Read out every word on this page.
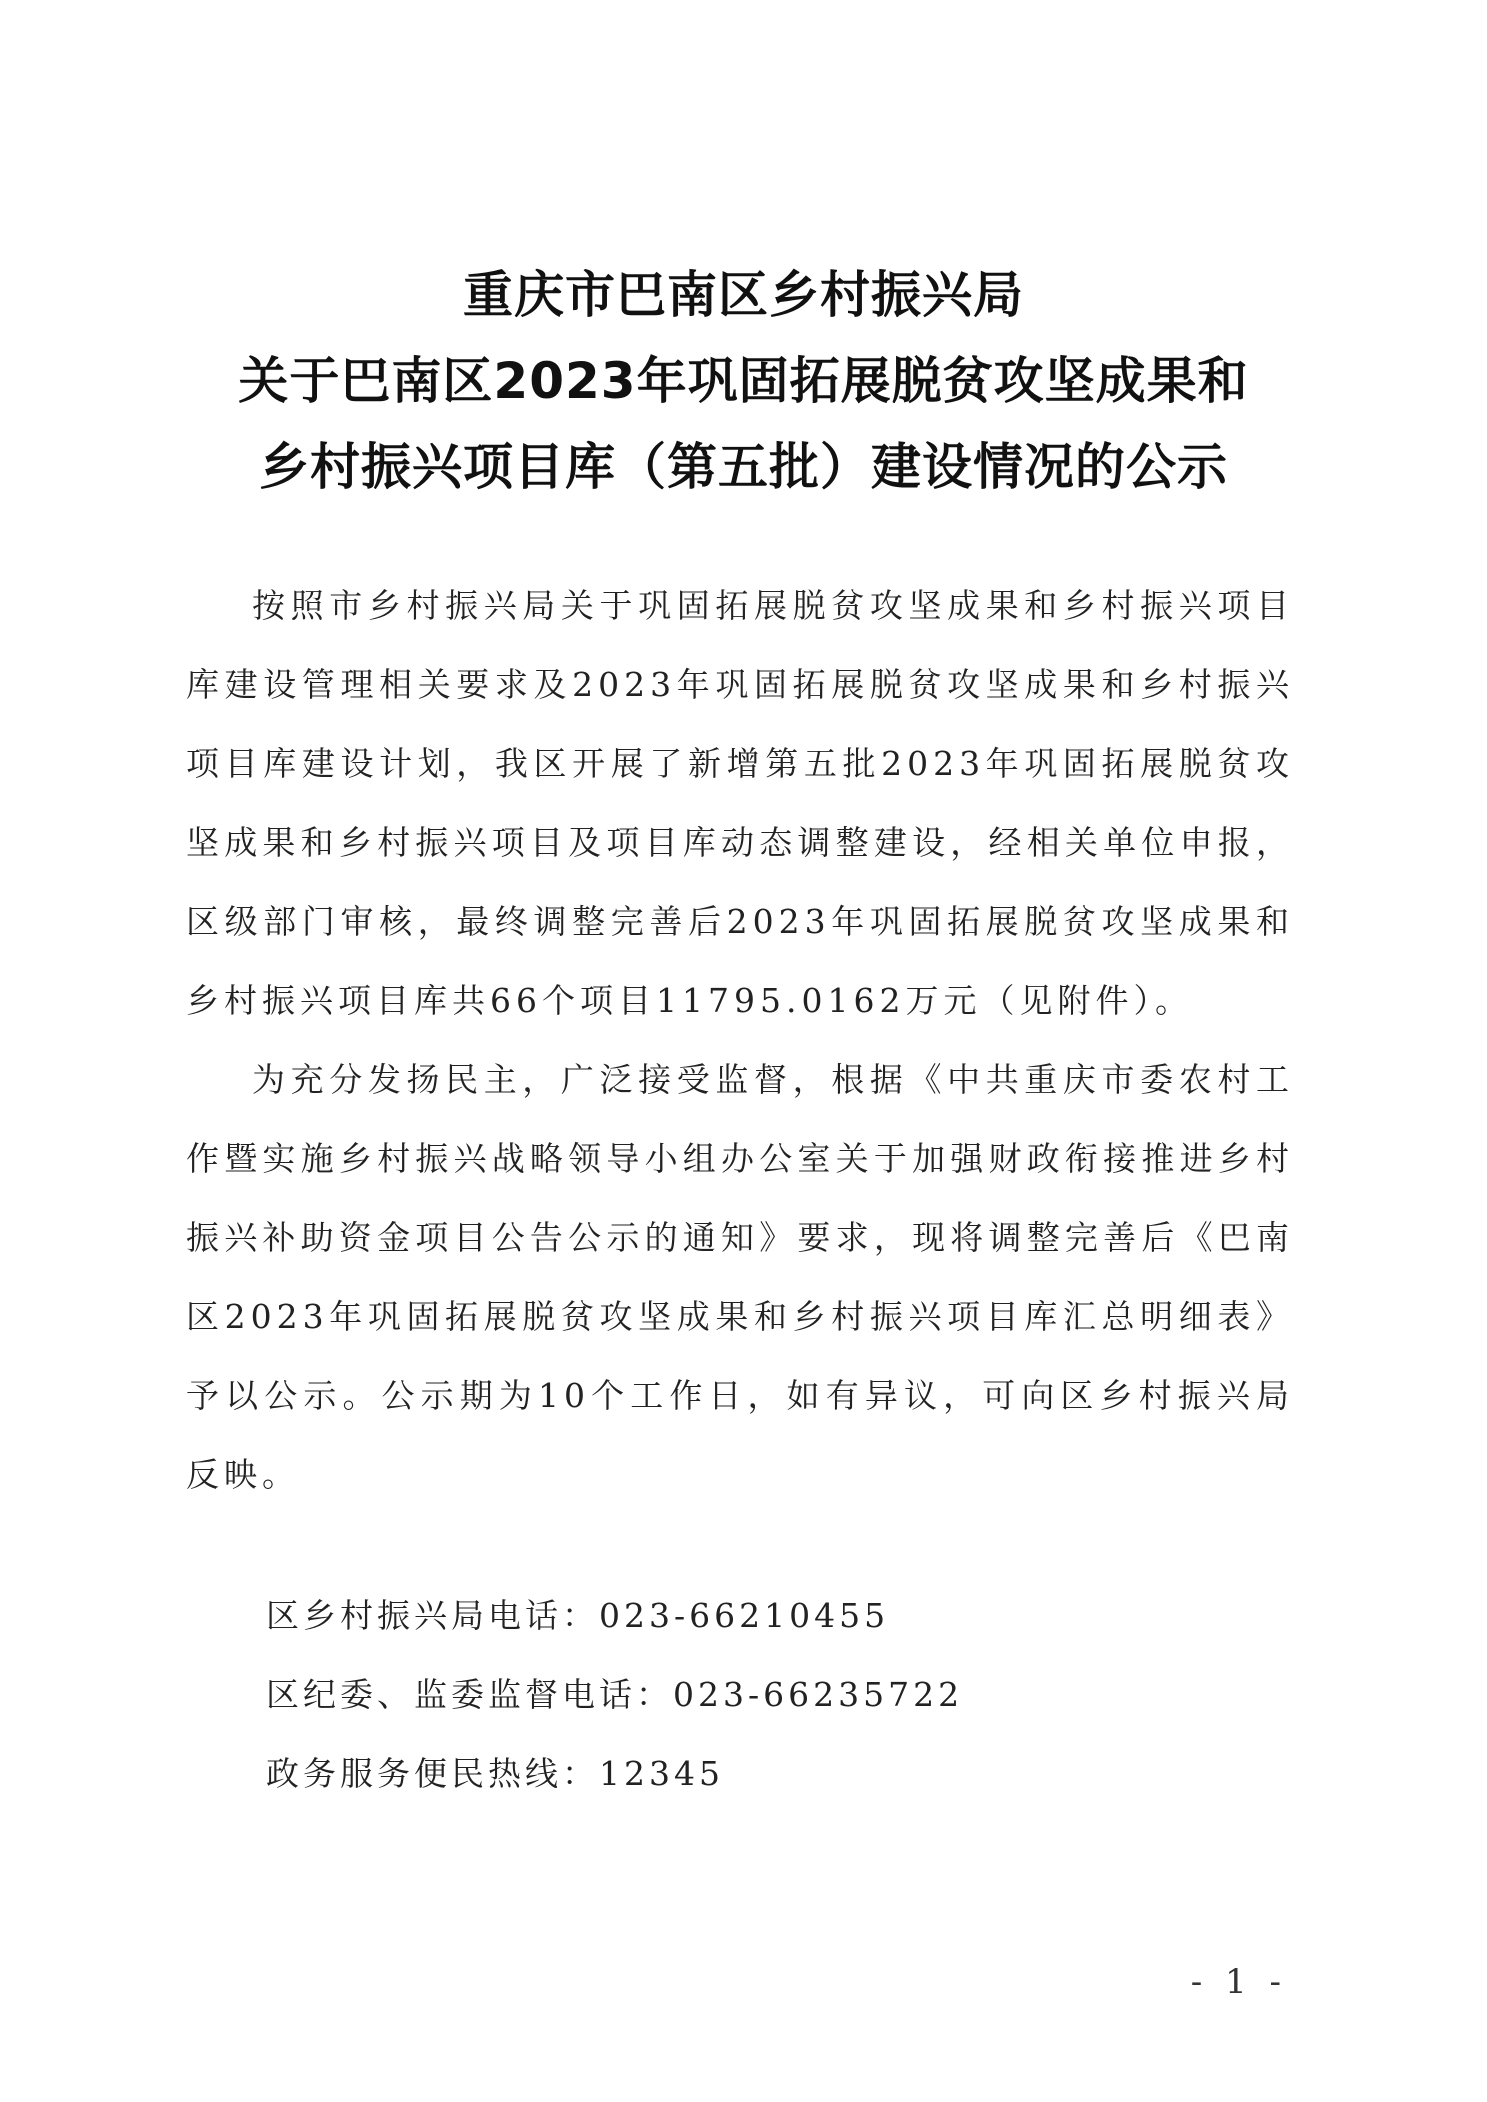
重庆市巴南区乡村振兴局
关于巴南区2023年巩固拓展脱贫攻坚成果和
乡村振兴项目库（第五批）建设情况的公示

按照市乡村振兴局关于巩固拓展脱贫攻坚成果和乡村振兴项目库建设管理相关要求及2023年巩固拓展脱贫攻坚成果和乡村振兴项目库建设计划，我区开展了新增第五批2023年巩固拓展脱贫攻坚成果和乡村振兴项目及项目库动态调整建设，经相关单位申报，区级部门审核，最终调整完善后2023年巩固拓展脱贫攻坚成果和乡村振兴项目库共66个项目11795.0162万元（见附件）。

为充分发扬民主，广泛接受监督，根据《中共重庆市委农村工作暨实施乡村振兴战略领导小组办公室关于加强财政衔接推进乡村振兴补助资金项目公告公示的通知》要求，现将调整完善后《巴南区2023年巩固拓展脱贫攻坚成果和乡村振兴项目库汇总明细表》予以公示。公示期为10个工作日，如有异议，可向区乡村振兴局反映。

区乡村振兴局电话：023-66210455
区纪委、监委监督电话：023-66235722
政务服务便民热线：12345
- 1 -
